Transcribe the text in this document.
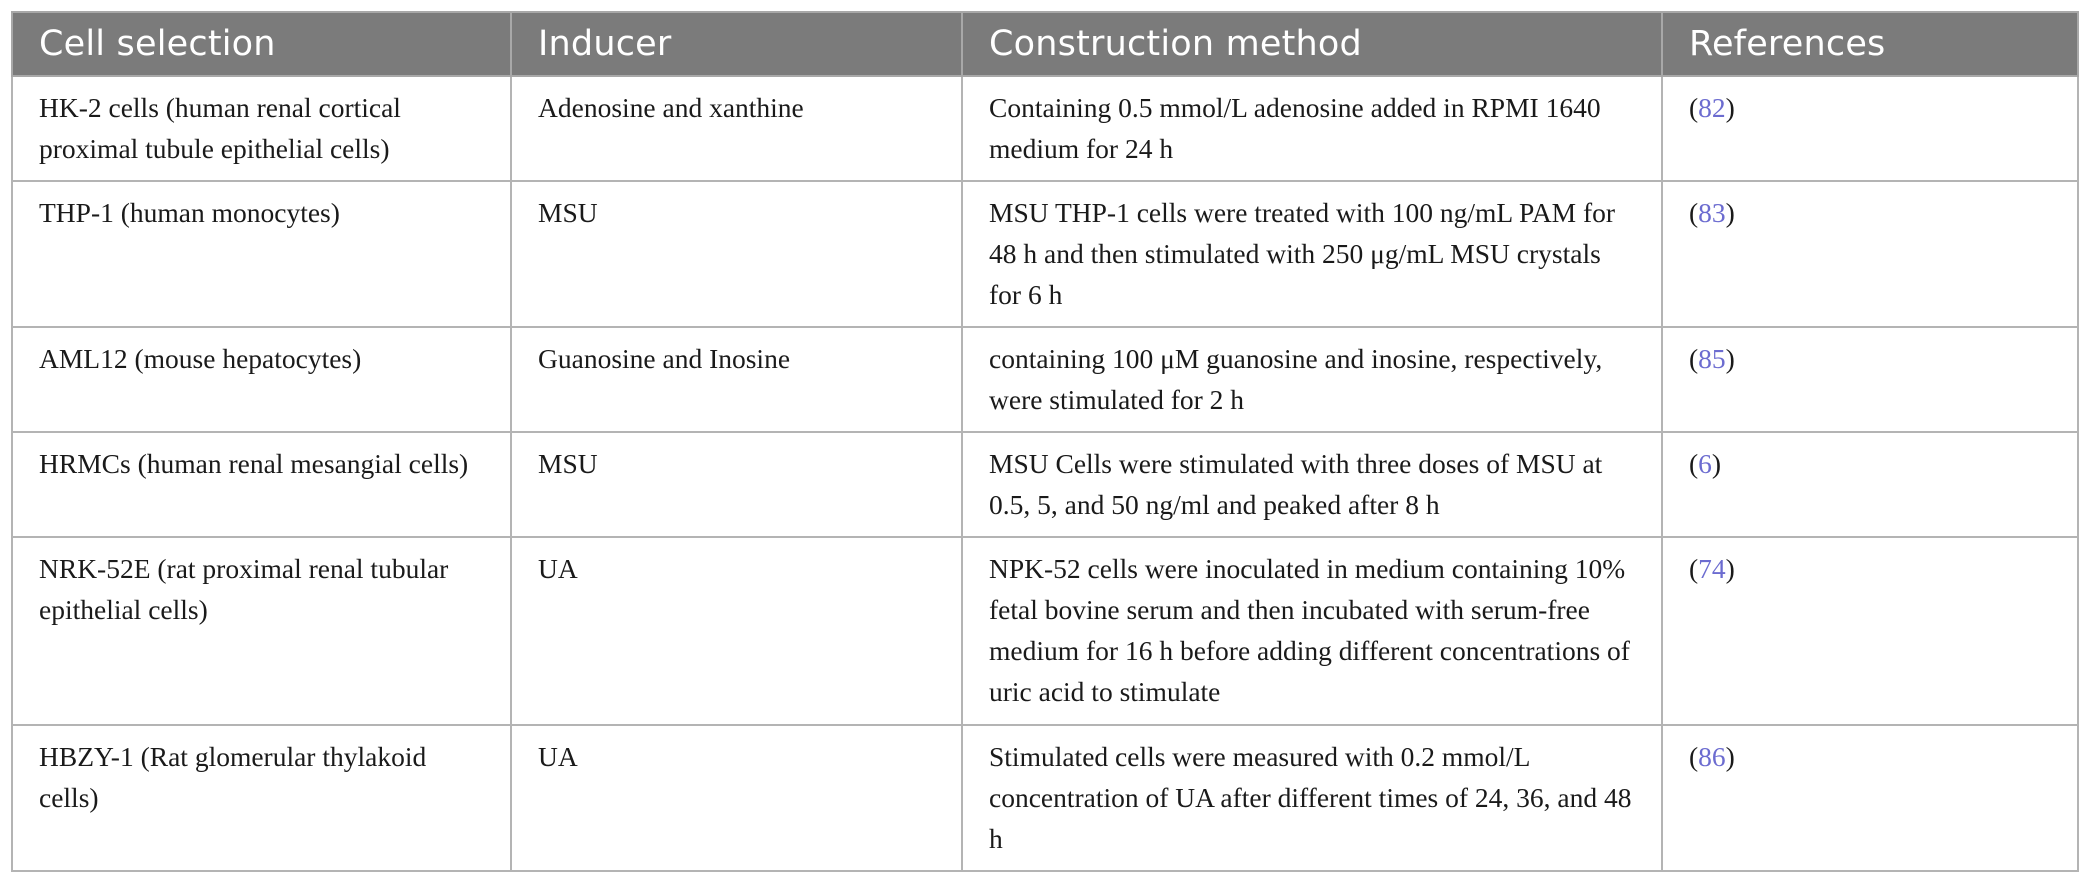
Cell selection	Inducer	Construction method	References
HK-2 cells (human renal cortical proximal tubule epithelial cells)	Adenosine and xanthine	Containing 0.5 mmol/L adenosine added in RPMI 1640 medium for 24 h	(82)
THP-1 (human monocytes)	MSU	MSU THP-1 cells were treated with 100 ng/mL PAM for 48 h and then stimulated with 250 μg/mL MSU crystals for 6 h	(83)
AML12 (mouse hepatocytes)	Guanosine and Inosine	containing 100 μM guanosine and inosine, respectively, were stimulated for 2 h	(85)
HRMCs (human renal mesangial cells)	MSU	MSU Cells were stimulated with three doses of MSU at 0.5, 5, and 50 ng/ml and peaked after 8 h	(6)
NRK-52E (rat proximal renal tubular epithelial cells)	UA	NPK-52 cells were inoculated in medium containing 10% fetal bovine serum and then incubated with serum-free medium for 16 h before adding different concentrations of uric acid to stimulate	(74)
HBZY-1 (Rat glomerular thylakoid cells)	UA	Stimulated cells were measured with 0.2 mmol/L concentration of UA after different times of 24, 36, and 48 h	(86)
